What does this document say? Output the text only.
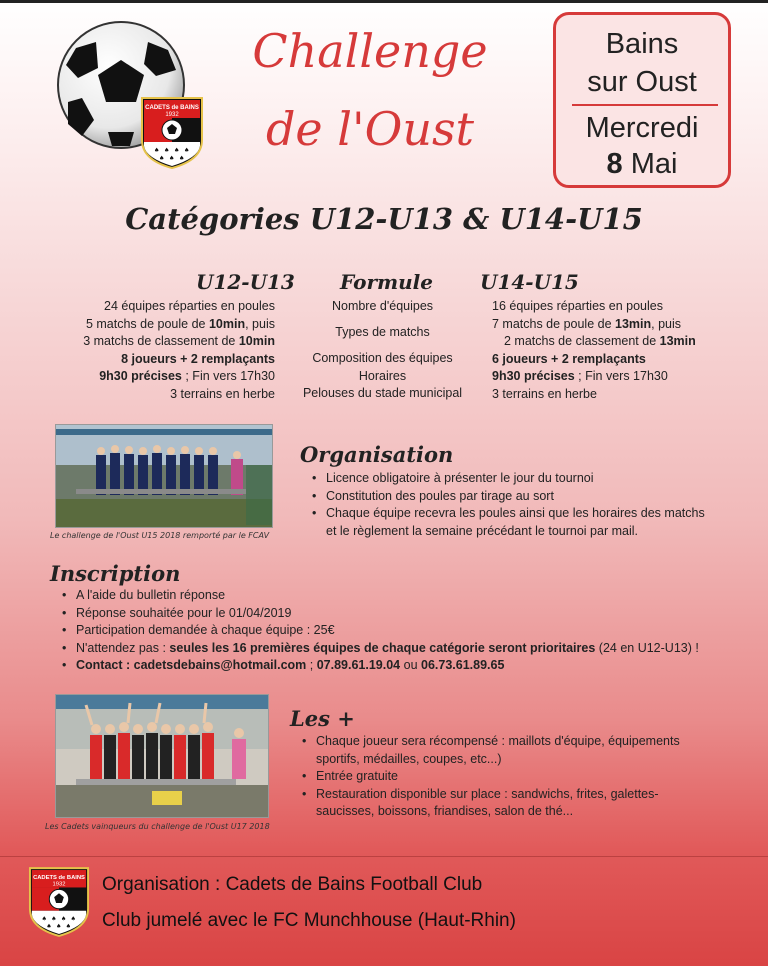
CADETS de BAINS
1932
♠ ♠ ♠ ♠
♠ ♠ ♠
Challenge
de l'Oust
Bains
sur Oust
Mercredi
8 Mai
Catégories U12-U13 & U14-U15
U12-U13 Formule U14-U15
24 équipes réparties en poules
5 matchs de poule de 10min, puis
3 matchs de classement de 10min
8 joueurs + 2 remplaçants
9h30 précises ; Fin vers 17h30
3 terrains en herbe
Nombre d'équipes
Types de matchs
Composition des équipes
Horaires
Pelouses du stade municipal
16 équipes réparties en poules
7 matchs de poule de 13min, puis
2 matchs de classement de 13min
6 joueurs + 2 remplaçants
9h30 précises ; Fin vers 17h30
3 terrains en herbe
Le challenge de l'Oust U15 2018 remporté par le FCAV
Organisation
• Licence obligatoire à présenter le jour du tournoi
• Constitution des poules par tirage au sort
• Chaque équipe recevra les poules ainsi que les horaires des matchs
et le règlement la semaine précédant le tournoi par mail.
Inscription
• A l'aide du bulletin réponse
• Réponse souhaitée pour le 01/04/2019
• Participation demandée à chaque équipe : 25€
• N'attendez pas : seules les 16 premières équipes de chaque catégorie seront prioritaires (24 en U12-U13) !
• Contact : cadetsdebains@hotmail.com ; 07.89.61.19.04 ou 06.73.61.89.65
Les Cadets vainqueurs du challenge de l'Oust U17 2018
Les +
• Chaque joueur sera récompensé : maillots d'équipe, équipements
sportifs, médailles, coupes, etc...)
• Entrée gratuite
• Restauration disponible sur place : sandwichs, frites, galettes-
saucisses, boissons, friandises, salon de thé...
CADETS de BAINS
1932
♠ ♠ ♠ ♠
♠ ♠ ♠
Organisation : Cadets de Bains Football Club
Club jumelé avec le FC Munchhouse (Haut-Rhin)
